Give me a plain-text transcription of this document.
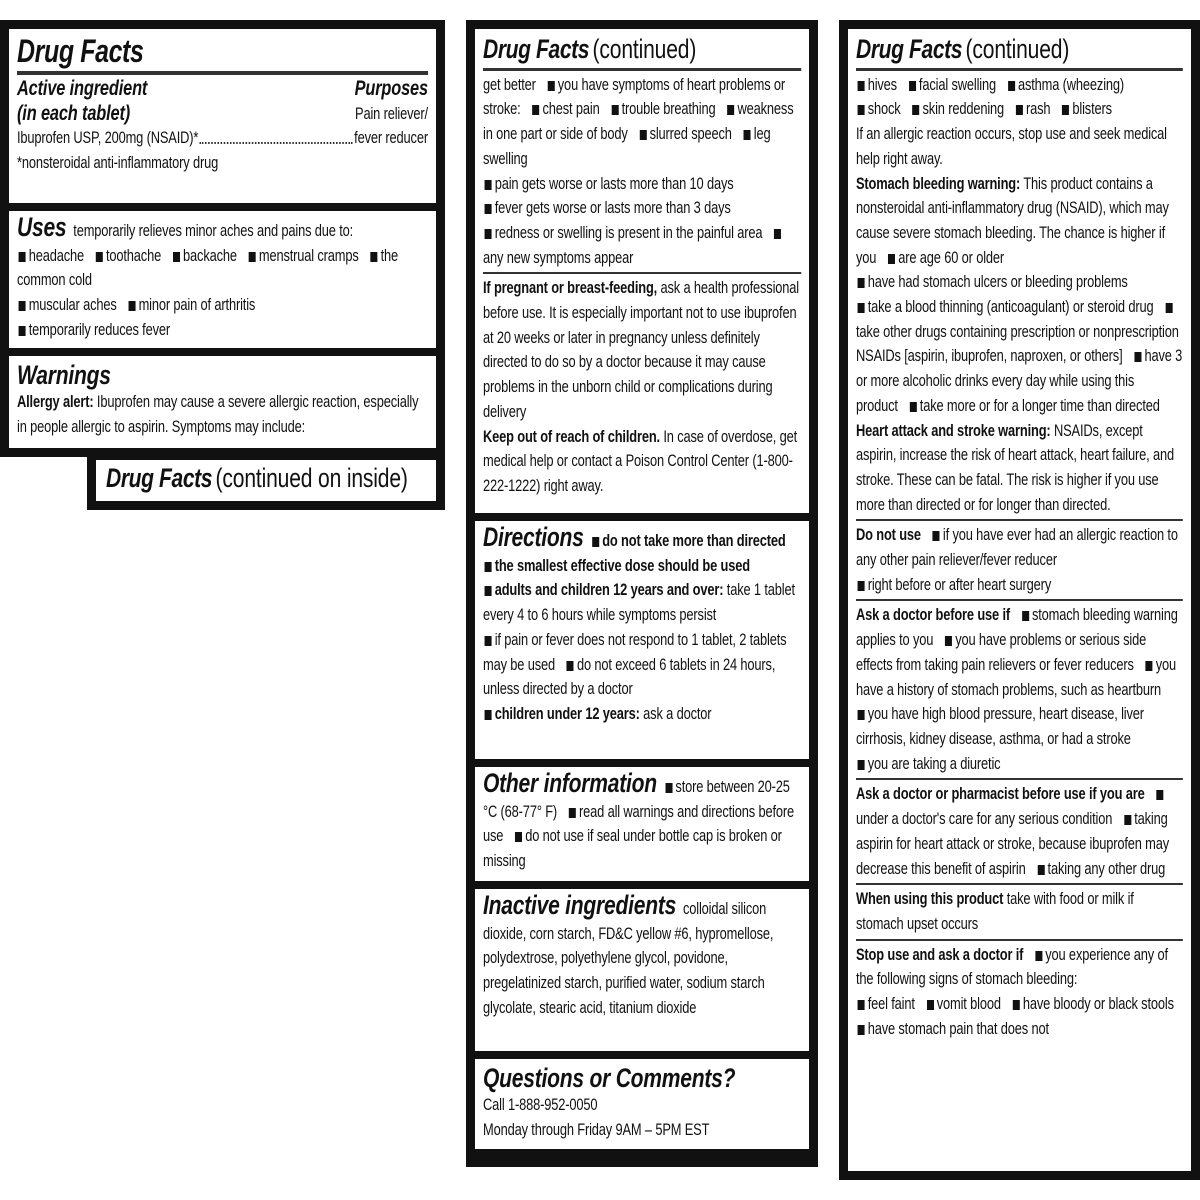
Drug Facts
Active ingredient	Purposes
(in each tablet)	Pain reliever/
Ibuprofen USP, 200mg (NSAID)*	fever reducer
*nonsteroidal anti-inflammatory drug
Uses temporarily relieves minor aches and pains due to:
headache toothache backache menstrual cramps the common cold
muscular aches minor pain of arthritis
temporarily reduces fever
Warnings
Allergy alert: Ibuprofen may cause a severe allergic reaction, especially in people allergic to aspirin. Symptoms may include:
Drug Facts (continued on inside)
Drug Facts (continued)
get better you have symptoms of heart problems or stroke: chest pain trouble breathing weakness in one part or side of body slurred speech leg swelling
pain gets worse or lasts more than 10 days
fever gets worse or lasts more than 3 days
redness or swelling is present in the painful area   any new symptoms appear
If pregnant or breast-feeding, ask a health professional before use. It is especially important not to use ibuprofen at 20 weeks or later in pregnancy unless definitely directed to do so by a doctor because it may cause problems in the unborn child or complications during delivery
Keep out of reach of children. In case of overdose, get medical help or contact a Poison Control Center (1-800-222-1222) right away.
Directions do not take more than directed   the smallest effective dose should be used
adults and children 12 years and over: take 1 tablet every 4 to 6 hours while symptoms persist
if pain or fever does not respond to 1 tablet, 2 tablets may be used do not exceed 6 tablets in 24 hours, unless directed by a doctor
children under 12 years: ask a doctor
Other information store between 20-25 °C (68-77° F) read all warnings and directions before use do not use if seal under bottle cap is broken or missing
Inactive ingredients colloidal silicon dioxide, corn starch, FD&C yellow #6, hypromellose, polydextrose, polyethylene glycol, povidone, pregelatinized starch, purified water, sodium starch glycolate, stearic acid, titanium dioxide
Questions or Comments?
Call 1-888-952-0050
Monday through Friday 9AM – 5PM EST
Drug Facts (continued)
hives facial swelling asthma (wheezing)
shock skin reddening rash blisters
If an allergic reaction occurs, stop use and seek medical help right away.
Stomach bleeding warning: This product contains a nonsteroidal anti-inflammatory drug (NSAID), which may cause severe stomach bleeding. The chance is higher if you are age 60 or older
have had stomach ulcers or bleeding problems
take a blood thinning (anticoagulant) or steroid drug   take other drugs containing prescription or nonprescription NSAIDs [aspirin, ibuprofen, naproxen, or others] have 3 or more alcoholic drinks every day while using this product take more or for a longer time than directed
Heart attack and stroke warning: NSAIDs, except aspirin, increase the risk of heart attack, heart failure, and stroke. These can be fatal. The risk is higher if you use more than directed or for longer than directed.
Do not use if you have ever had an allergic reaction to any other pain reliever/fever reducer
right before or after heart surgery
Ask a doctor before use if stomach bleeding warning applies to you you have problems or serious side effects from taking pain relievers or fever reducers you have a history of stomach problems, such as heartburn   you have high blood pressure, heart disease, liver cirrhosis, kidney disease, asthma, or had a stroke
you are taking a diuretic
Ask a doctor or pharmacist before use if you are   under a doctor's care for any serious condition taking aspirin for heart attack or stroke, because ibuprofen may decrease this benefit of aspirin taking any other drug
When using this product take with food or milk if stomach upset occurs
Stop use and ask a doctor if you experience any of the following signs of stomach bleeding:
feel faint vomit blood have bloody or black stools   have stomach pain that does not
